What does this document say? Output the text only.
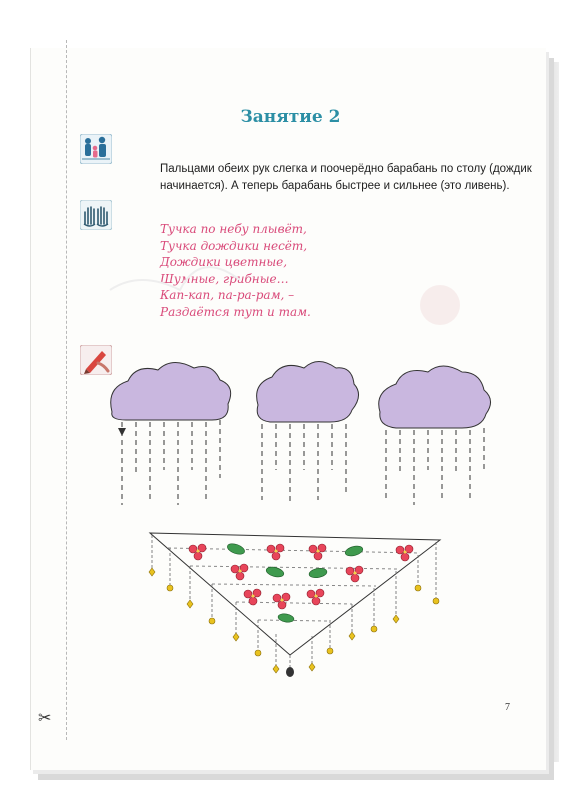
Занятие 2
Пальцами обеих рук слегка и поочерёдно барабань по столу (дождик
начинается). А теперь барабань быстрее и сильнее (это ливень).
Тучка по небу плывёт,
Тучка дождики несёт,
Дождики цветные,
Шумные, грибные…
Кап-кап, па-ра-рам, –
Раздаётся тут и там.
7
✂
